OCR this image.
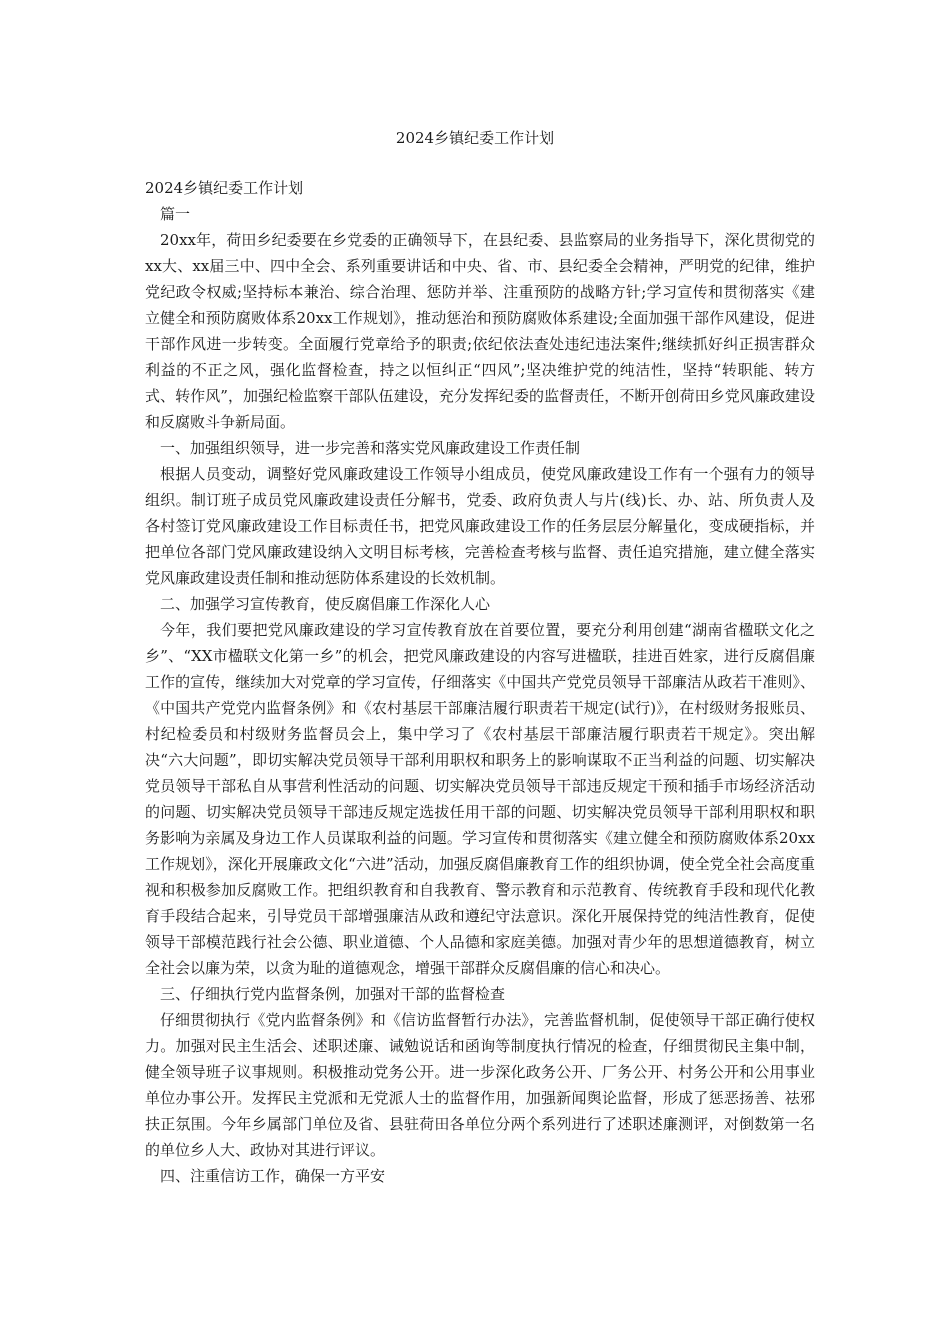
2024乡镇纪委工作计划

2024乡镇纪委工作计划

篇一

20xx年，荷田乡纪委要在乡党委的正确领导下，在县纪委、县监察局的业务指导下，深化贯彻党的xx大、xx届三中、四中全会、系列重要讲话和中央、省、市、县纪委全会精神，严明党的纪律，维护党纪政令权威;坚持标本兼治、综合治理、惩防并举、注重预防的战略方针;学习宣传和贯彻落实《建立健全和预防腐败体系20xx工作规划》，推动惩治和预防腐败体系建设;全面加强干部作风建设，促进干部作风进一步转变。全面履行党章给予的职责;依纪依法查处违纪违法案件;继续抓好纠正损害群众利益的不正之风，强化监督检查，持之以恒纠正“四风”;坚决维护党的纯洁性，坚持“转职能、转方式、转作风”，加强纪检监察干部队伍建设，充分发挥纪委的监督责任，不断开创荷田乡党风廉政建设和反腐败斗争新局面。

一、加强组织领导，进一步完善和落实党风廉政建设工作责任制

根据人员变动，调整好党风廉政建设工作领导小组成员，使党风廉政建设工作有一个强有力的领导组织。制订班子成员党风廉政建设责任分解书，党委、政府负责人与片(线)长、办、站、所负责人及各村签订党风廉政建设工作目标责任书，把党风廉政建设工作的任务层层分解量化，变成硬指标，并把单位各部门党风廉政建设纳入文明目标考核，完善检查考核与监督、责任追究措施，建立健全落实党风廉政建设责任制和推动惩防体系建设的长效机制。

二、加强学习宣传教育，使反腐倡廉工作深化人心

今年，我们要把党风廉政建设的学习宣传教育放在首要位置，要充分利用创建“湖南省楹联文化之乡”、“XX市楹联文化第一乡”的机会，把党风廉政建设的内容写进楹联，挂进百姓家，进行反腐倡廉工作的宣传，继续加大对党章的学习宣传，仔细落实《中国共产党党员领导干部廉洁从政若干准则》、《中国共产党党内监督条例》和《农村基层干部廉洁履行职责若干规定(试行)》，在村级财务报账员、村纪检委员和村级财务监督员会上，集中学习了《农村基层干部廉洁履行职责若干规定》。突出解决“六大问题”，即切实解决党员领导干部利用职权和职务上的影响谋取不正当利益的问题、切实解决党员领导干部私自从事营利性活动的问题、切实解决党员领导干部违反规定干预和插手市场经济活动的问题、切实解决党员领导干部违反规定选拔任用干部的问题、切实解决党员领导干部利用职权和职务影响为亲属及身边工作人员谋取利益的问题。学习宣传和贯彻落实《建立健全和预防腐败体系20xx工作规划》，深化开展廉政文化“六进”活动，加强反腐倡廉教育工作的组织协调，使全党全社会高度重视和积极参加反腐败工作。把组织教育和自我教育、警示教育和示范教育、传统教育手段和现代化教育手段结合起来，引导党员干部增强廉洁从政和遵纪守法意识。深化开展保持党的纯洁性教育，促使领导干部模范践行社会公德、职业道德、个人品德和家庭美德。加强对青少年的思想道德教育，树立全社会以廉为荣，以贪为耻的道德观念，增强干部群众反腐倡廉的信心和决心。

三、仔细执行党内监督条例，加强对干部的监督检查

仔细贯彻执行《党内监督条例》和《信访监督暂行办法》，完善监督机制，促使领导干部正确行使权力。加强对民主生活会、述职述廉、诫勉说话和函询等制度执行情况的检查，仔细贯彻民主集中制，健全领导班子议事规则。积极推动党务公开。进一步深化政务公开、厂务公开、村务公开和公用事业单位办事公开。发挥民主党派和无党派人士的监督作用，加强新闻舆论监督，形成了惩恶扬善、祛邪扶正氛围。今年乡属部门单位及省、县驻荷田各单位分两个系列进行了述职述廉测评，对倒数第一名的单位乡人大、政协对其进行评议。

四、注重信访工作，确保一方平安
